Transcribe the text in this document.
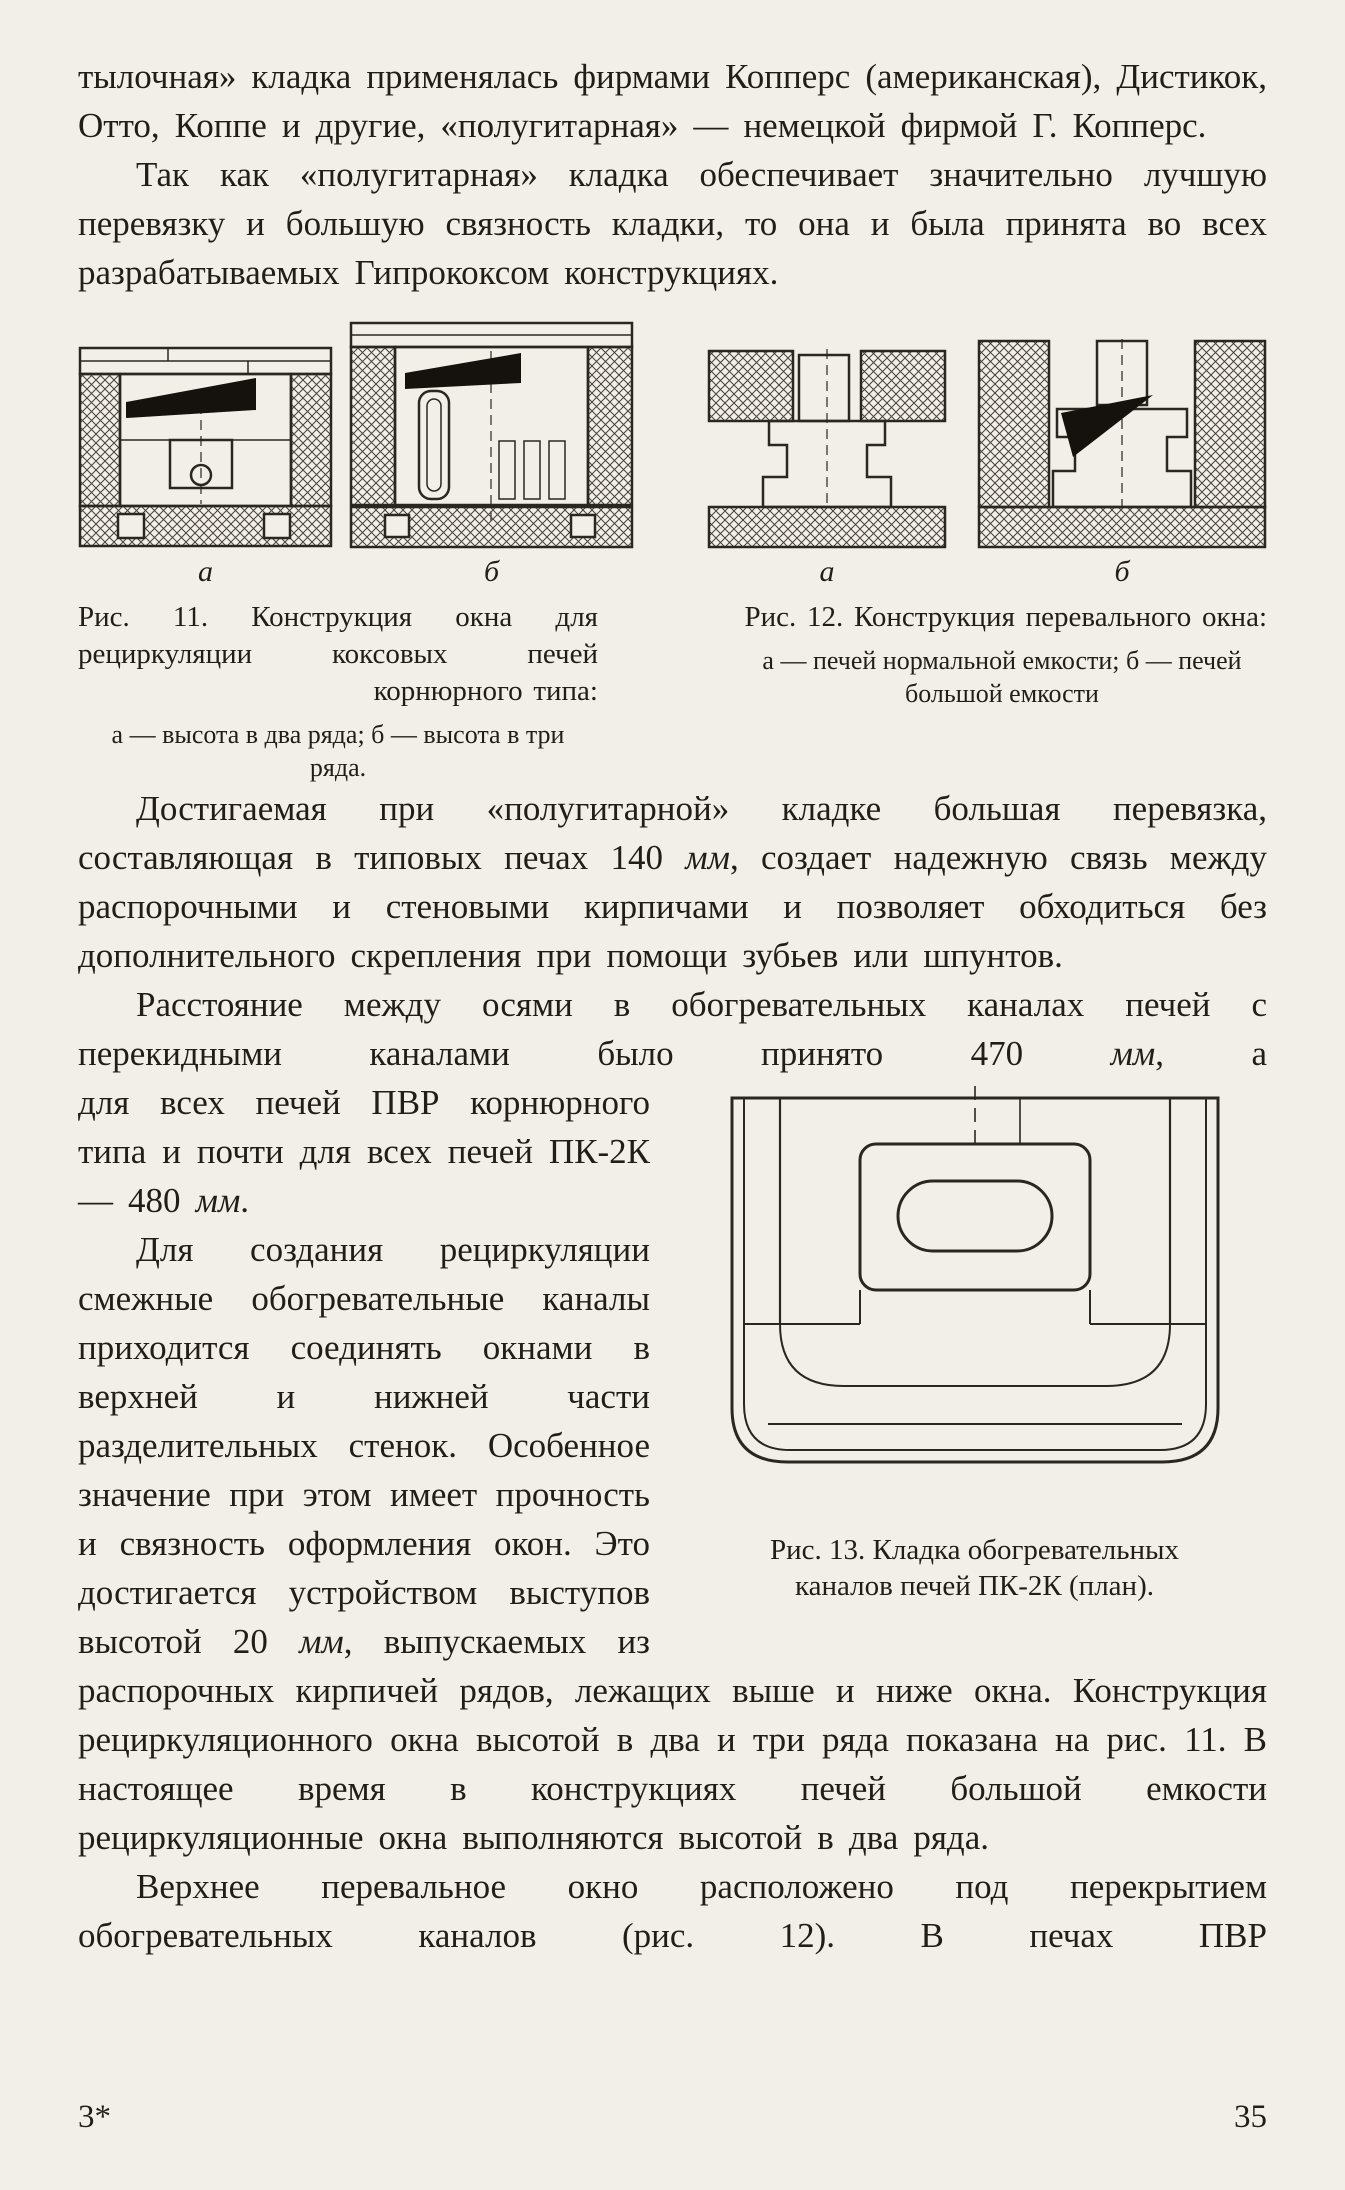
тылочная» кладка применялась фирмами Копперс (американская), Дистикок, Отто, Коппе и другие, «полугитарная» — немецкой фирмой Г. Копперс.

Так как «полугитарная» кладка обеспечивает значительно лучшую перевязку и большую связность кладки, то она и была принята во всех разрабатываемых Гипрококсом конструкциях.

а	б	а	б
Рис. 11. Конструкция окна для рециркуляции коксовых печей корнюрного типа:
а — высота в два ряда; б — высота в три ряда.
Рис. 12. Конструкция перевального окна:
а — печей нормальной емкости; б — печей большой емкости

Достигаемая при «полугитарной» кладке большая перевязка, составляющая в типовых печах 140 мм, создает надежную связь между распорочными и стеновыми кирпичами и позволяет обходиться без дополнительного скрепления при помощи зубьев или шпунтов.

Расстояние между осями в обогревательных каналах печей с перекидными каналами было принято 470 мм, а

Рис. 13. Кладка обогревательных каналов печей ПК-2К (план).

для всех печей ПВР корнюрного типа и почти для всех печей ПК-2К — 480 мм.

Для создания рециркуляции смежные обогревательные каналы приходится соединять окнами в верхней и нижней части разделительных стенок. Особенное значение при этом имеет прочность и связность оформления окон. Это достигается устройством выступов высотой 20 мм, выпускаемых из распорочных кирпичей рядов, лежащих выше и ниже окна. Конструкция рециркуляционного окна высотой в два и три ряда показана на рис. 11. В настоящее время в конструкциях печей большой емкости рециркуляционные окна выполняются высотой в два ряда.

Верхнее перевальное окно расположено под перекрытием обогревательных каналов (рис. 12). В печах ПВР

3*	35
